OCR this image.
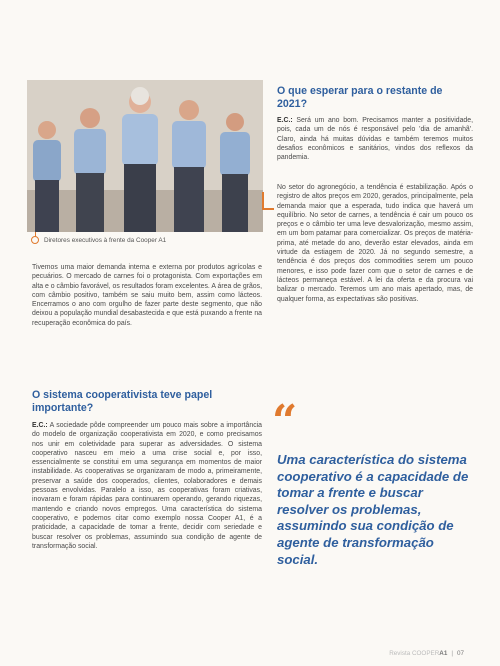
Diretores executivos à frente da Cooper A1

Tivemos uma maior demanda interna e externa por produtos agrícolas e pecuários. O mercado de carnes foi o protagonista. Com exportações em alta e o câmbio favorável, os resultados foram excelentes. A área de grãos, com câmbio positivo, também se saiu muito bem, assim como lácteos. Encerramos o ano com orgulho de fazer parte deste segmento, que não deixou a população mundial desabastecida e que está puxando a frente na recuperação econômica do país.

O sistema cooperativista teve papel importante?

E.C.: A sociedade pôde compreender um pouco mais sobre a importância do modelo de organização cooperativista em 2020, e como precisamos nos unir em coletividade para superar as adversidades. O sistema cooperativo nasceu em meio a uma crise social e, por isso, essencialmente se constitui em uma segurança em momentos de maior instabilidade. As cooperativas se organizaram de modo a, primeiramente, preservar a saúde dos cooperados, clientes, colaboradores e demais pessoas envolvidas. Paralelo a isso, as cooperativas foram criativas, inovaram e foram rápidas para continuarem operando, gerando riquezas, mantendo e criando novos empregos. Uma característica do sistema cooperativo, e podemos citar como exemplo nossa Cooper A1, é a praticidade, a capacidade de tomar a frente, decidir com seriedade e buscar resolver os problemas, assumindo sua condição de agente de transformação social.

O que esperar para o restante de 2021?

E.C.: Será um ano bom. Precisamos manter a positividade, pois, cada um de nós é responsável pelo 'dia de amanhã'. Claro, ainda há muitas dúvidas e também teremos muitos desafios econômicos e sanitários, vindos dos reflexos da pandemia.

No setor do agronegócio, a tendência é estabilização. Após o registro de altos preços em 2020, gerados, principalmente, pela demanda maior que a esperada, tudo indica que haverá um equilíbrio. No setor de carnes, a tendência é cair um pouco os preços e o câmbio ter uma leve desvalorização, mesmo assim, em um bom patamar para comercializar. Os preços de matéria-prima, até metade do ano, deverão estar elevados, ainda em virtude da estiagem de 2020. Já no segundo semestre, a tendência é dos preços dos commodities serem um pouco menores, e isso pode fazer com que o setor de carnes e de lácteos permaneça estável. A lei da oferta e da procura vai balizar o mercado. Teremos um ano mais apertado, mas, de qualquer forma, as expectativas são positivas.

“

Uma característica do sistema cooperativo é a capacidade de tomar a frente e buscar resolver os problemas, assumindo sua condição de agente de transformação social.

Revista COOPERA1 | 07
